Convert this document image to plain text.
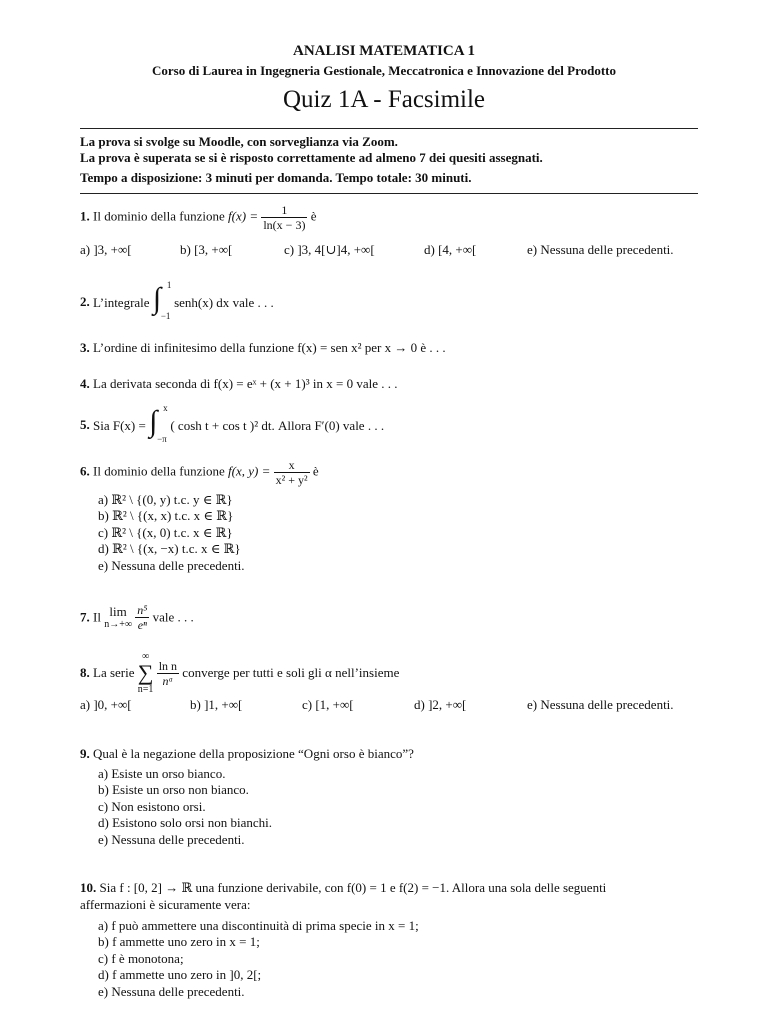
ANALISI MATEMATICA 1
Corso di Laurea in Ingegneria Gestionale, Meccatronica e Innovazione del Prodotto
Quiz 1A - Facsimile
La prova si svolge su Moodle, con sorveglianza via Zoom.
La prova è superata se si è risposto correttamente ad almeno 7 dei quesiti assegnati.
Tempo a disposizione: 3 minuti per domanda. Tempo totale: 30 minuti.
1. Il dominio della funzione $f(x) = \frac{1}{\ln(x - 3)}$ è
a) ]3, +∞[	b) [3, +∞[	c) ]3, 4[∪]4, +∞[	d) [4, +∞[	e) Nessuna delle precedenti.
2. L’integrale ∫ 1
−1
senh(x) dx vale . . .
3. L’ordine di infinitesimo della funzione f(x) = sen x² per x → 0 è . . .
4. La derivata seconda di f(x) = eˣ + (x + 1)³ in x = 0 vale . . .
5. Sia F(x) = ∫ x
−π
( cosh t + cos t )² dt. Allora F′(0) vale . . .
6. Il dominio della funzione f(x, $y) = \frac{x}{\text{x² + y²}}$ è
a) ℝ² \ {(0, y) t.c. y ∈ ℝ}
b) ℝ² \ {(x, x) t.c. x ∈ ℝ}
c) ℝ² \ {(x, 0) t.c. x ∈ ℝ}
d) ℝ² \ {(x, −x) t.c. x ∈ ℝ}
e) Nessuna delle precedenti.
7. Il lim
n→+∞
$\frac{\text{n⁵}}{\text{eⁿ}}$ vale . . .
8. La serie
∞
∑
n=1

$\frac{\text{ln n}}{\text{nᵅ}}$ converge per tutti e soli gli α nell’insieme
a) ]0, +∞[	b) ]1, +∞[	c) [1, +∞[	d) ]2, +∞[	e) Nessuna delle precedenti.
9. Qual è la negazione della proposizione “Ogni orso è bianco”?
a) Esiste un orso bianco.
b) Esiste un orso non bianco.
c) Non esistono orsi.
d) Esistono solo orsi non bianchi.
e) Nessuna delle precedenti.
10. Sia f : [0, 2] → ℝ una funzione derivabile, con f(0) = 1 e f(2) = −1. Allora una sola delle seguenti
affermazioni è sicuramente vera:
a) f può ammettere una discontinuità di prima specie in x = 1;
b) f ammette uno zero in x = 1;
c) f è monotona;
d) f ammette uno zero in ]0, 2[;
e) Nessuna delle precedenti.
